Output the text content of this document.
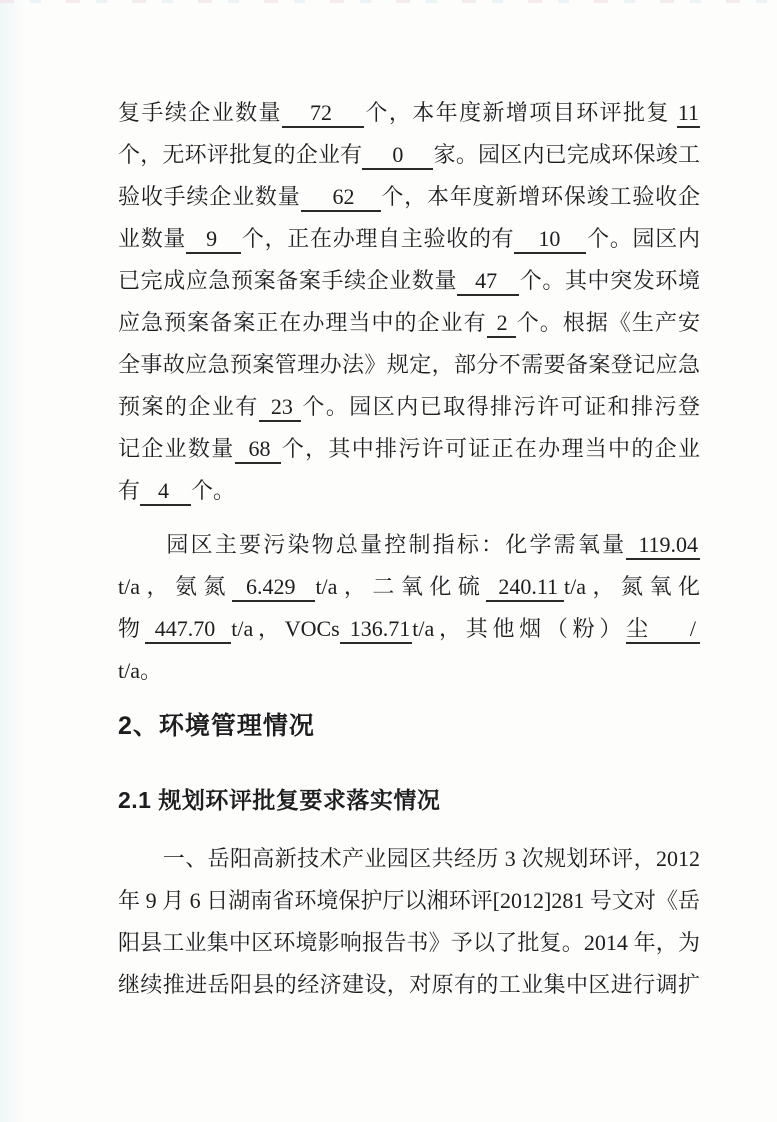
复手续企业数量 72 个，本年度新增项目环评批复 11
个，无环评批复的企业有 0 家。园区内已完成环保竣工
验收手续企业数量 62 个，本年度新增环保竣工验收企
业数量 9 个，正在办理自主验收的有 10 个。园区内
已完成应急预案备案手续企业数量 47 个。其中突发环境
应急预案备案正在办理当中的企业有 2 个。根据《生产安
全事故应急预案管理办法》规定，部分不需要备案登记应急
预案的企业有 23 个。园区内已取得排污许可证和排污登
记企业数量 68 个，其中排污许可证正在办理当中的企业
有 4 个。
　　园区主要污染物总量控制指标：化学需氧量 119.04
t/a，氨氮 6.429 t/a，二氧化硫 240.11 t/a，氮氧化
物 447.70 t/a，VOCs 136.71t/a，其他烟（粉）尘　 /
t/a。
2、环境管理情况
2.1 规划环评批复要求落实情况
　　一、岳阳高新技术产业园区共经历 3 次规划环评，2012
年 9 月 6 日湖南省环境保护厅以湘环评[2012]281 号文对《岳
阳县工业集中区环境影响报告书》予以了批复。2014 年，为
继续推进岳阳县的经济建设，对原有的工业集中区进行调扩
